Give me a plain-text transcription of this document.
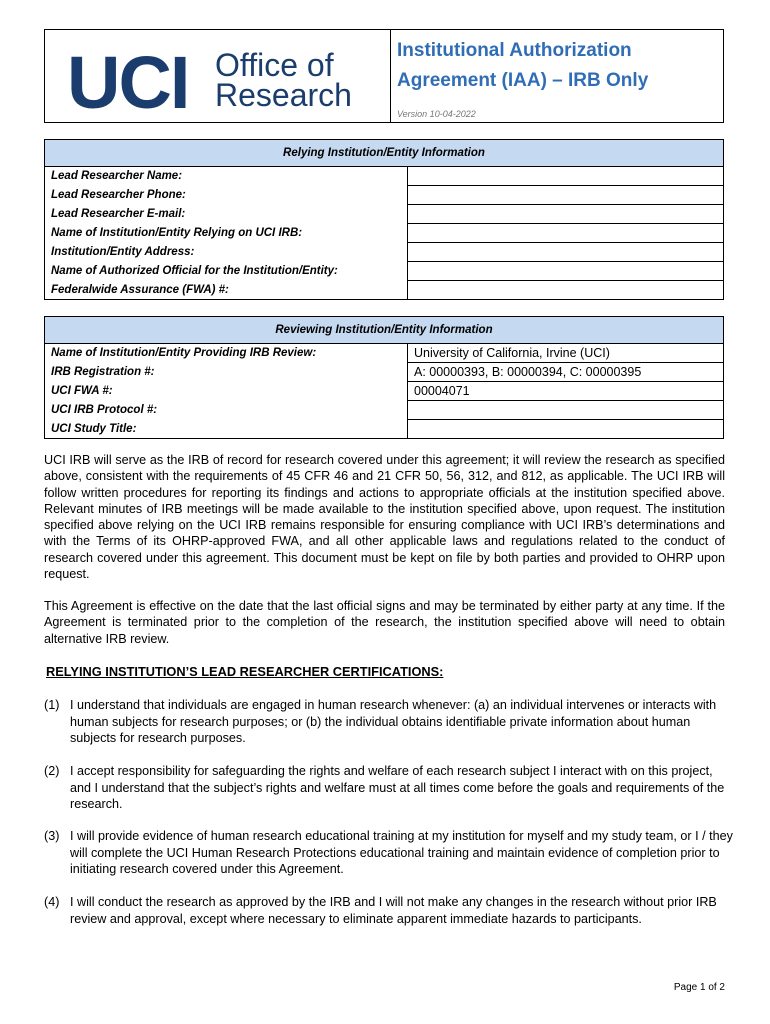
UCI Office of
Research
Institutional Authorization
Agreement (IAA) – IRB Only
Version 10-04-2022
Relying Institution/Entity Information	
Lead Researcher Name:	
Lead Researcher Phone:	
Lead Researcher E-mail:	
Name of Institution/Entity Relying on UCI IRB:	
Institution/Entity Address:	
Name of Authorized Official for the Institution/Entity:	
Federalwide Assurance (FWA) #:	
Reviewing Institution/Entity Information	
Name of Institution/Entity Providing IRB Review:	University of California, Irvine (UCI)
IRB Registration #:	A: 00000393, B: 00000394, C: 00000395
UCI FWA #:	00004071
UCI IRB Protocol #:	
UCI Study Title:	

UCI IRB will serve as the IRB of record for research covered under this agreement; it will review the research as specified above, consistent with the requirements of 45 CFR 46 and 21 CFR 50, 56, 312, and 812, as applicable. The UCI IRB will follow written procedures for reporting its findings and actions to appropriate officials at the institution specified above. Relevant minutes of IRB meetings will be made available to the institution specified above, upon request. The institution specified above relying on the UCI IRB remains responsible for ensuring compliance with UCI IRB’s determinations and with the Terms of its OHRP-approved FWA, and all other applicable laws and regulations related to the conduct of research covered under this agreement. This document must be kept on file by both parties and provided to OHRP upon request.

This Agreement is effective on the date that the last official signs and may be terminated by either party at any time. If the Agreement is terminated prior to the completion of the research, the institution specified above will need to obtain alternative IRB review.

RELYING INSTITUTION’S LEAD RESEARCHER CERTIFICATIONS:
(1) I understand that individuals are engaged in human research whenever: (a) an individual intervenes or interacts with human subjects for research purposes; or (b) the individual obtains identifiable private information about human subjects for research purposes.
(2) I accept responsibility for safeguarding the rights and welfare of each research subject I interact with on this project, and I understand that the subject’s rights and welfare must at all times come before the goals and requirements of the research.
(3) I will provide evidence of human research educational training at my institution for myself and my study team, or I / they will complete the UCI Human Research Protections educational training and maintain evidence of completion prior to initiating research covered under this Agreement.
(4) I will conduct the research as approved by the IRB and I will not make any changes in the research without prior IRB review and approval, except where necessary to eliminate apparent immediate hazards to participants.
Page 1 of 2
